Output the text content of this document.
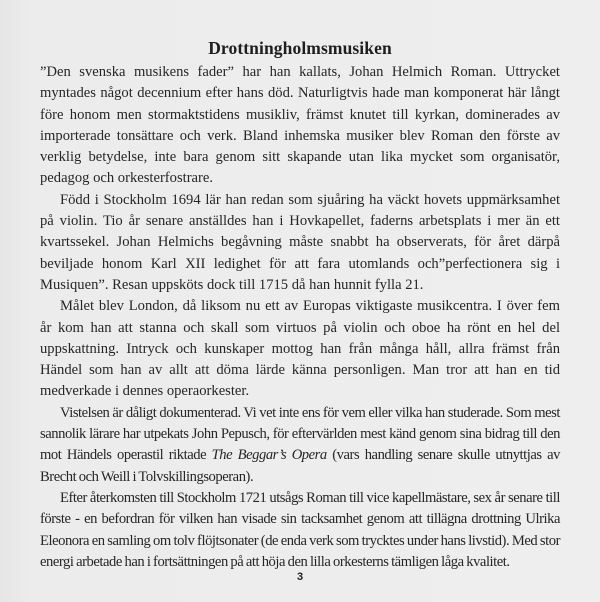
Drottningholmsmusiken

”Den svenska musikens fader” har han kallats, Johan Helmich Roman. Uttrycket myntades något decennium efter hans död. Naturligtvis hade man komponerat här långt före honom men stormaktstidens musikliv, främst knutet till kyrkan, dominerades av importerade tonsättare och verk. Bland inhemska musiker blev Roman den förste av verklig betydelse, inte bara genom sitt skapande utan lika mycket som organisatör, pedagog och orkesterfostrare.

Född i Stockholm 1694 lär han redan som sjuåring ha väckt hovets uppmärksamhet på violin. Tio år senare anställdes han i Hovkapellet, faderns arbetsplats i mer än ett kvartssekel. Johan Helmichs begåvning måste snabbt ha observerats, för året därpå beviljade honom Karl XII ledighet för att fara utomlands och”perfectionera sig i Musiquen”. Resan uppsköts dock till 1715 då han hunnit fylla 21.

Målet blev London, då liksom nu ett av Europas viktigaste musikcentra. I över fem år kom han att stanna och skall som virtuos på violin och oboe ha rönt en hel del uppskattning. Intryck och kunskaper mottog han från många håll, allra främst från Händel som han av allt att döma lärde känna personligen. Man tror att han en tid medverkade i dennes operaorkester.

Vistelsen är dåligt dokumenterad. Vi vet inte ens för vem eller vilka han studerade. Som mest sannolik lärare har utpekats John Pepusch, för eftervärlden mest känd genom sina bidrag till den mot Händels operastil riktade The Beggar’s Opera (vars handling senare skulle utnyttjas av Brecht och Weill i Tolvskillingsoperan).

Efter återkomsten till Stockholm 1721 utsågs Roman till vice kapellmästare, sex år senare till förste - en befordran för vilken han visade sin tacksamhet genom att tillägna drottning Ulrika Eleonora en samling om tolv flöjtsonater (de enda verk som trycktes under hans livstid). Med stor energi arbetade han i fortsättningen på att höja den lilla orkesterns tämligen låga kvalitet.

3
